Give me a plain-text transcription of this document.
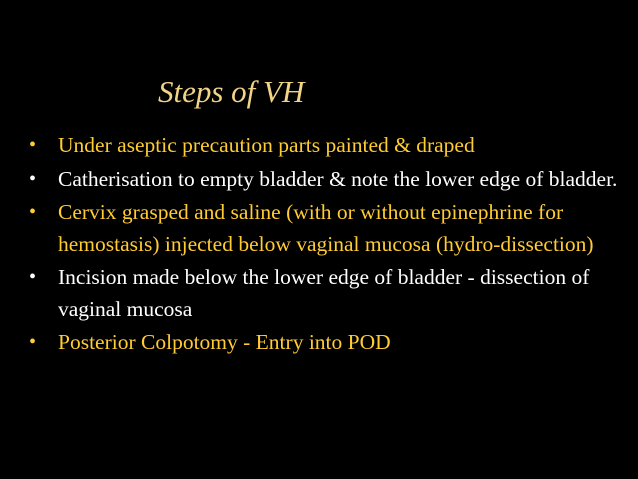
Steps of VH
•	Under aseptic precaution parts painted & draped
•	Catherisation to empty bladder & note the lower edge of bladder.
•	Cervix grasped and saline (with or without epinephrine for hemostasis) injected below vaginal mucosa (hydro-dissection)
•	Incision made below the lower edge of bladder - dissection of vaginal mucosa
•	Posterior Colpotomy - Entry into POD
